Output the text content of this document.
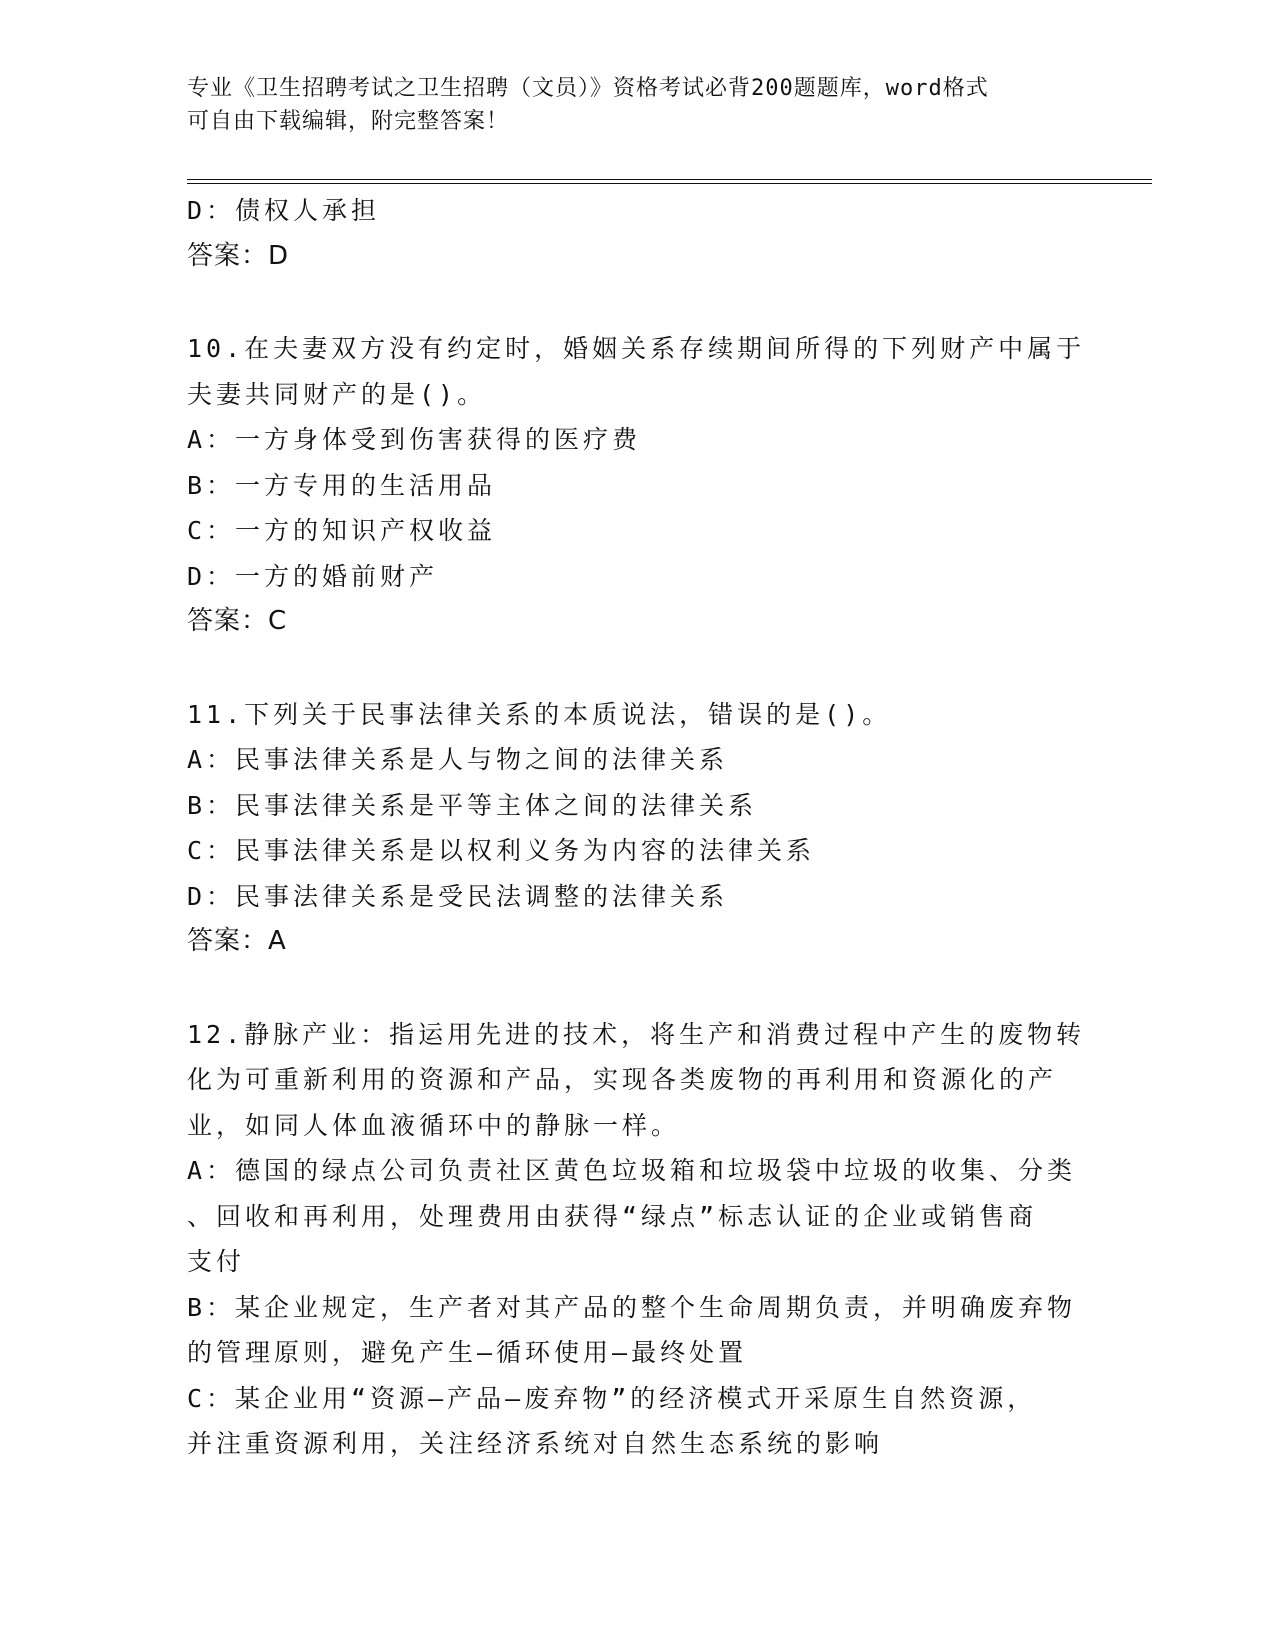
专业《卫生招聘考试之卫生招聘（文员）》资格考试必背200题题库，word格式
可自由下载编辑，附完整答案！
D：债权人承担
答案：D
10.在夫妻双方没有约定时，婚姻关系存续期间所得的下列财产中属于
夫妻共同财产的是()。
A：一方身体受到伤害获得的医疗费
B：一方专用的生活用品
C：一方的知识产权收益
D：一方的婚前财产
答案：C
11.下列关于民事法律关系的本质说法，错误的是()。
A：民事法律关系是人与物之间的法律关系
B：民事法律关系是平等主体之间的法律关系
C：民事法律关系是以权利义务为内容的法律关系
D：民事法律关系是受民法调整的法律关系
答案：A
12.静脉产业：指运用先进的技术，将生产和消费过程中产生的废物转
化为可重新利用的资源和产品，实现各类废物的再利用和资源化的产
业，如同人体血液循环中的静脉一样。
A：德国的绿点公司负责社区黄色垃圾箱和垃圾袋中垃圾的收集、分类
、回收和再利用，处理费用由获得“绿点”标志认证的企业或销售商
支付
B：某企业规定，生产者对其产品的整个生命周期负责，并明确废弃物
的管理原则，避免产生—循环使用—最终处置
C：某企业用“资源—产品—废弃物”的经济模式开采原生自然资源，
并注重资源利用，关注经济系统对自然生态系统的影响
